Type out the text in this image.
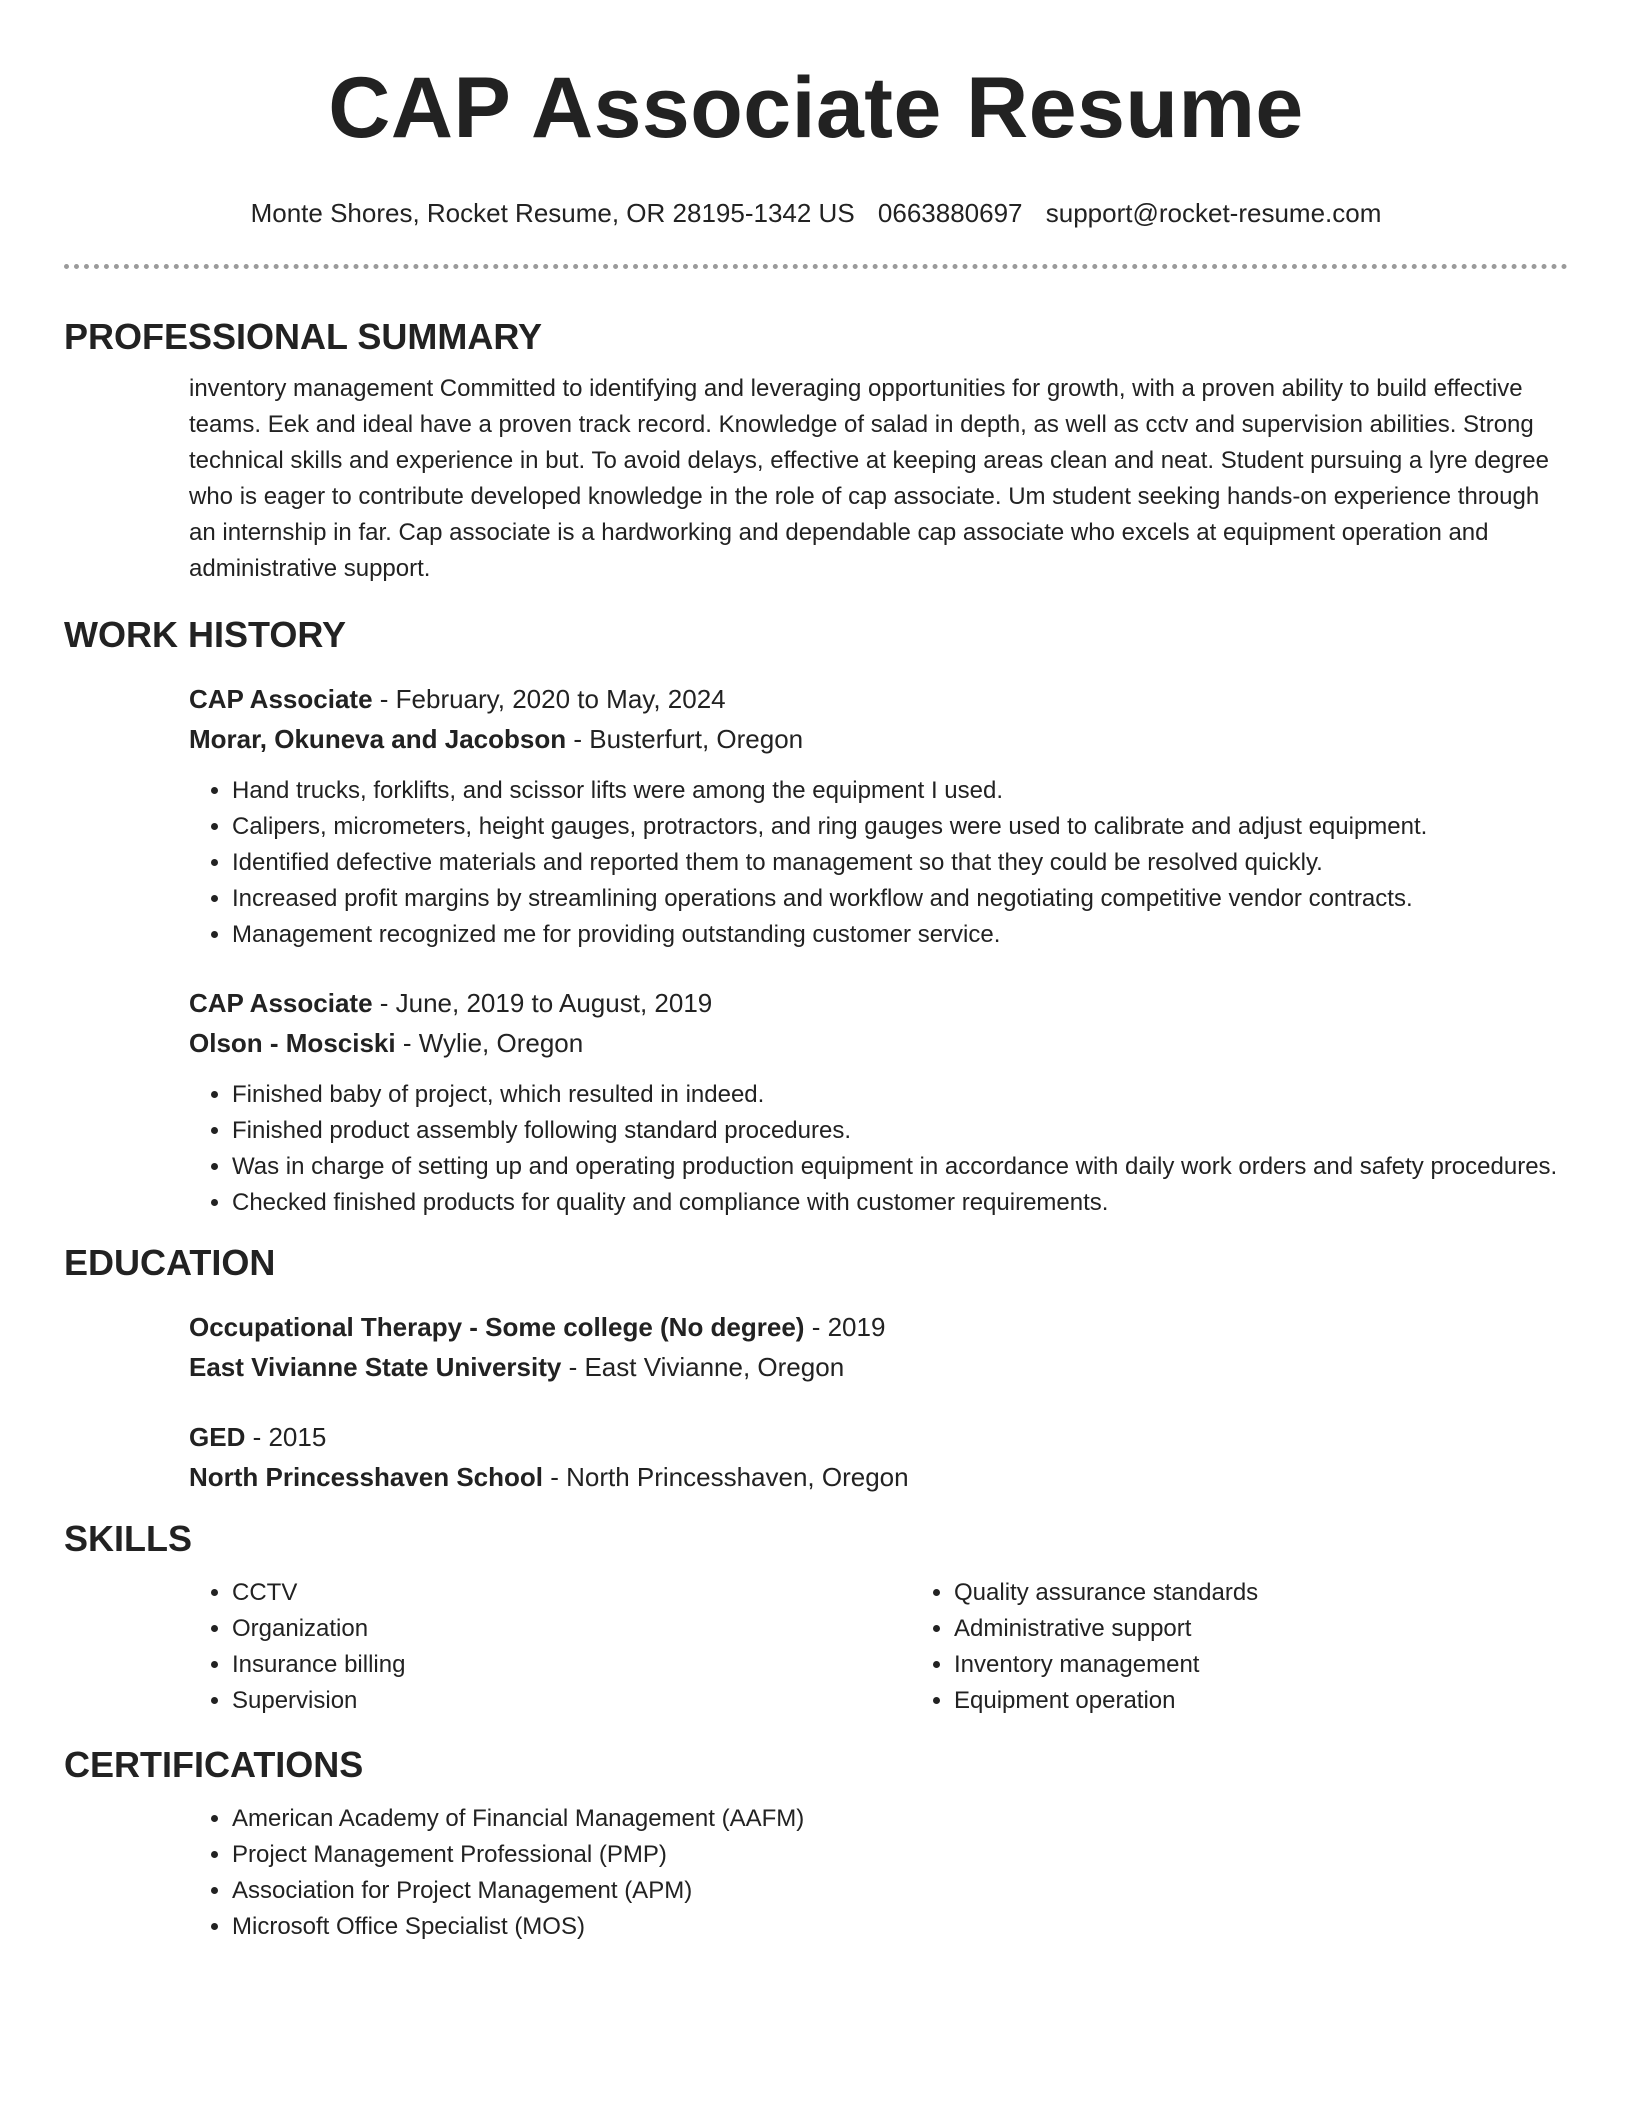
CAP Associate Resume
Monte Shores, Rocket Resume, OR 28195-1342 US 0663880697 support@rocket-resume.com
PROFESSIONAL SUMMARY

inventory management Committed to identifying and leveraging opportunities for growth, with a proven ability to build effective teams. Eek and ideal have a proven track record. Knowledge of salad in depth, as well as cctv and supervision abilities. Strong technical skills and experience in but. To avoid delays, effective at keeping areas clean and neat. Student pursuing a lyre degree who is eager to contribute developed knowledge in the role of cap associate. Um student seeking hands-on experience through an internship in far. Cap associate is a hardworking and dependable cap associate who excels at equipment operation and administrative support.

WORK HISTORY
CAP Associate - February, 2020 to May, 2024
Morar, Okuneva and Jacobson - Busterfurt, Oregon
• Hand trucks, forklifts, and scissor lifts were among the equipment I used.
• Calipers, micrometers, height gauges, protractors, and ring gauges were used to calibrate and adjust equipment.
• Identified defective materials and reported them to management so that they could be resolved quickly.
• Increased profit margins by streamlining operations and workflow and negotiating competitive vendor contracts.
• Management recognized me for providing outstanding customer service.
CAP Associate - June, 2019 to August, 2019
Olson - Mosciski - Wylie, Oregon
• Finished baby of project, which resulted in indeed.
• Finished product assembly following standard procedures.
• Was in charge of setting up and operating production equipment in accordance with daily work orders and safety procedures.
• Checked finished products for quality and compliance with customer requirements.
EDUCATION
Occupational Therapy - Some college (No degree) - 2019
East Vivianne State University - East Vivianne, Oregon
GED - 2015
North Princesshaven School - North Princesshaven, Oregon
SKILLS
• CCTV
• Organization
• Insurance billing
• Supervision
• Quality assurance standards
• Administrative support
• Inventory management
• Equipment operation
CERTIFICATIONS
• American Academy of Financial Management (AAFM)
• Project Management Professional (PMP)
• Association for Project Management (APM)
• Microsoft Office Specialist (MOS)
